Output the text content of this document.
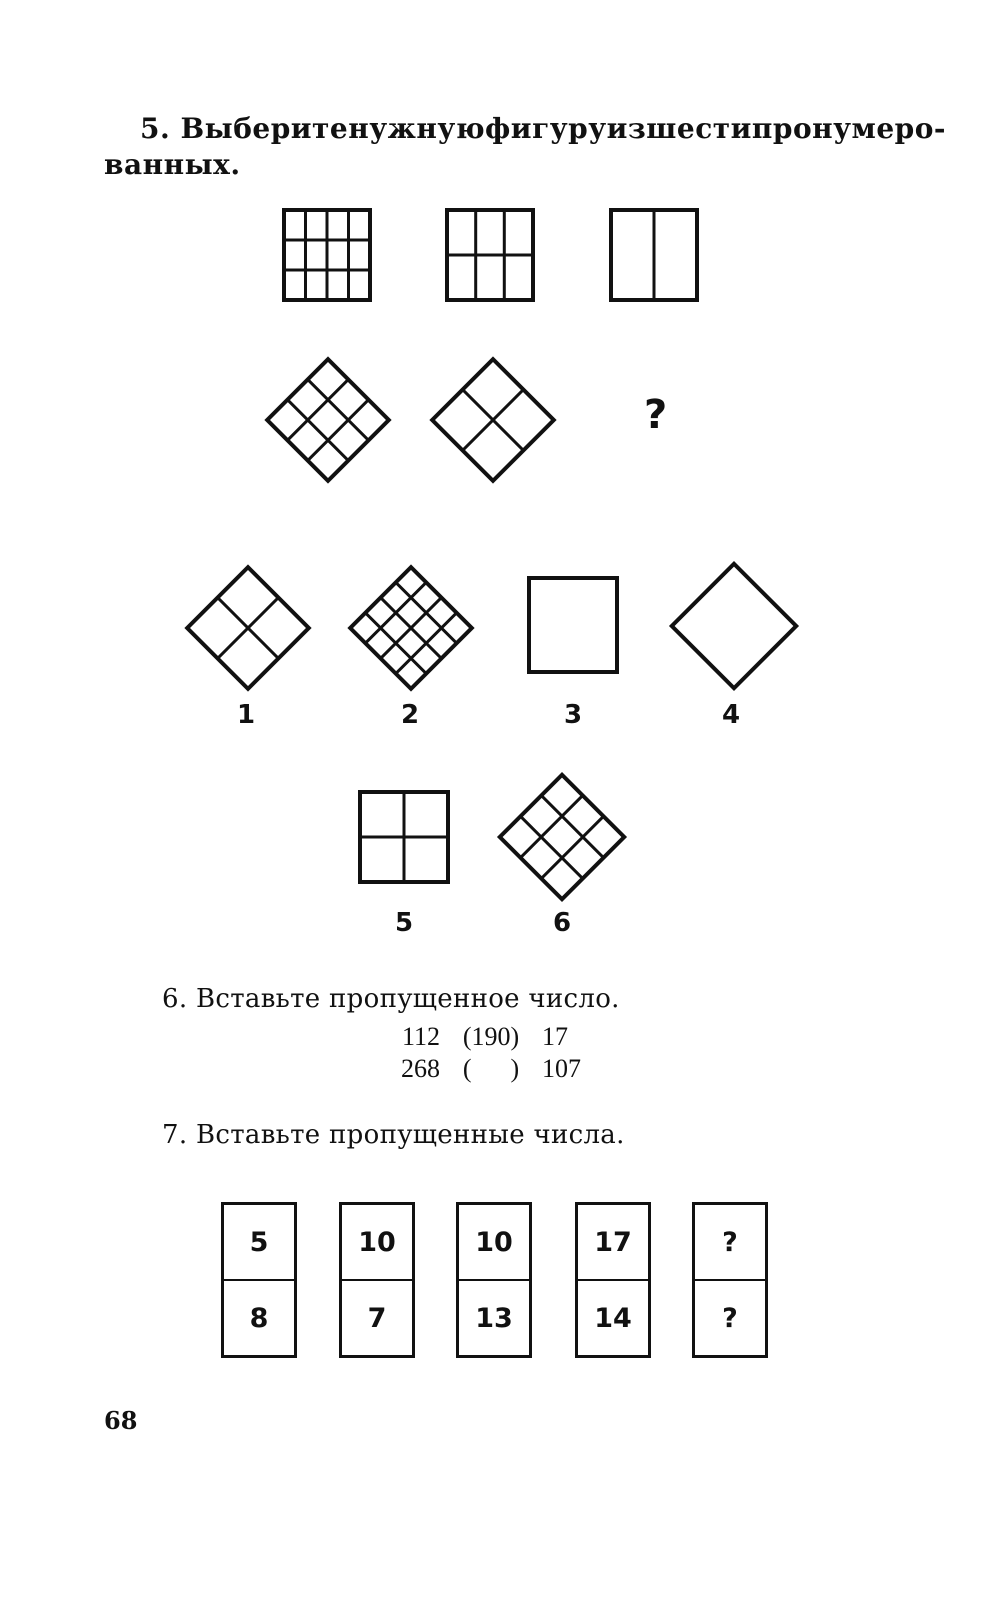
5. Выберите нужную фигуру из шести пронумеро-
ванных.
?
1	2	3	4
5	6
6. Вставьте пропущенное число.
112 (190) 17
268 (      ) 107
7. Вставьте пропущенные числа.
5
8
10
7
10
13
17
14
?
?
68
